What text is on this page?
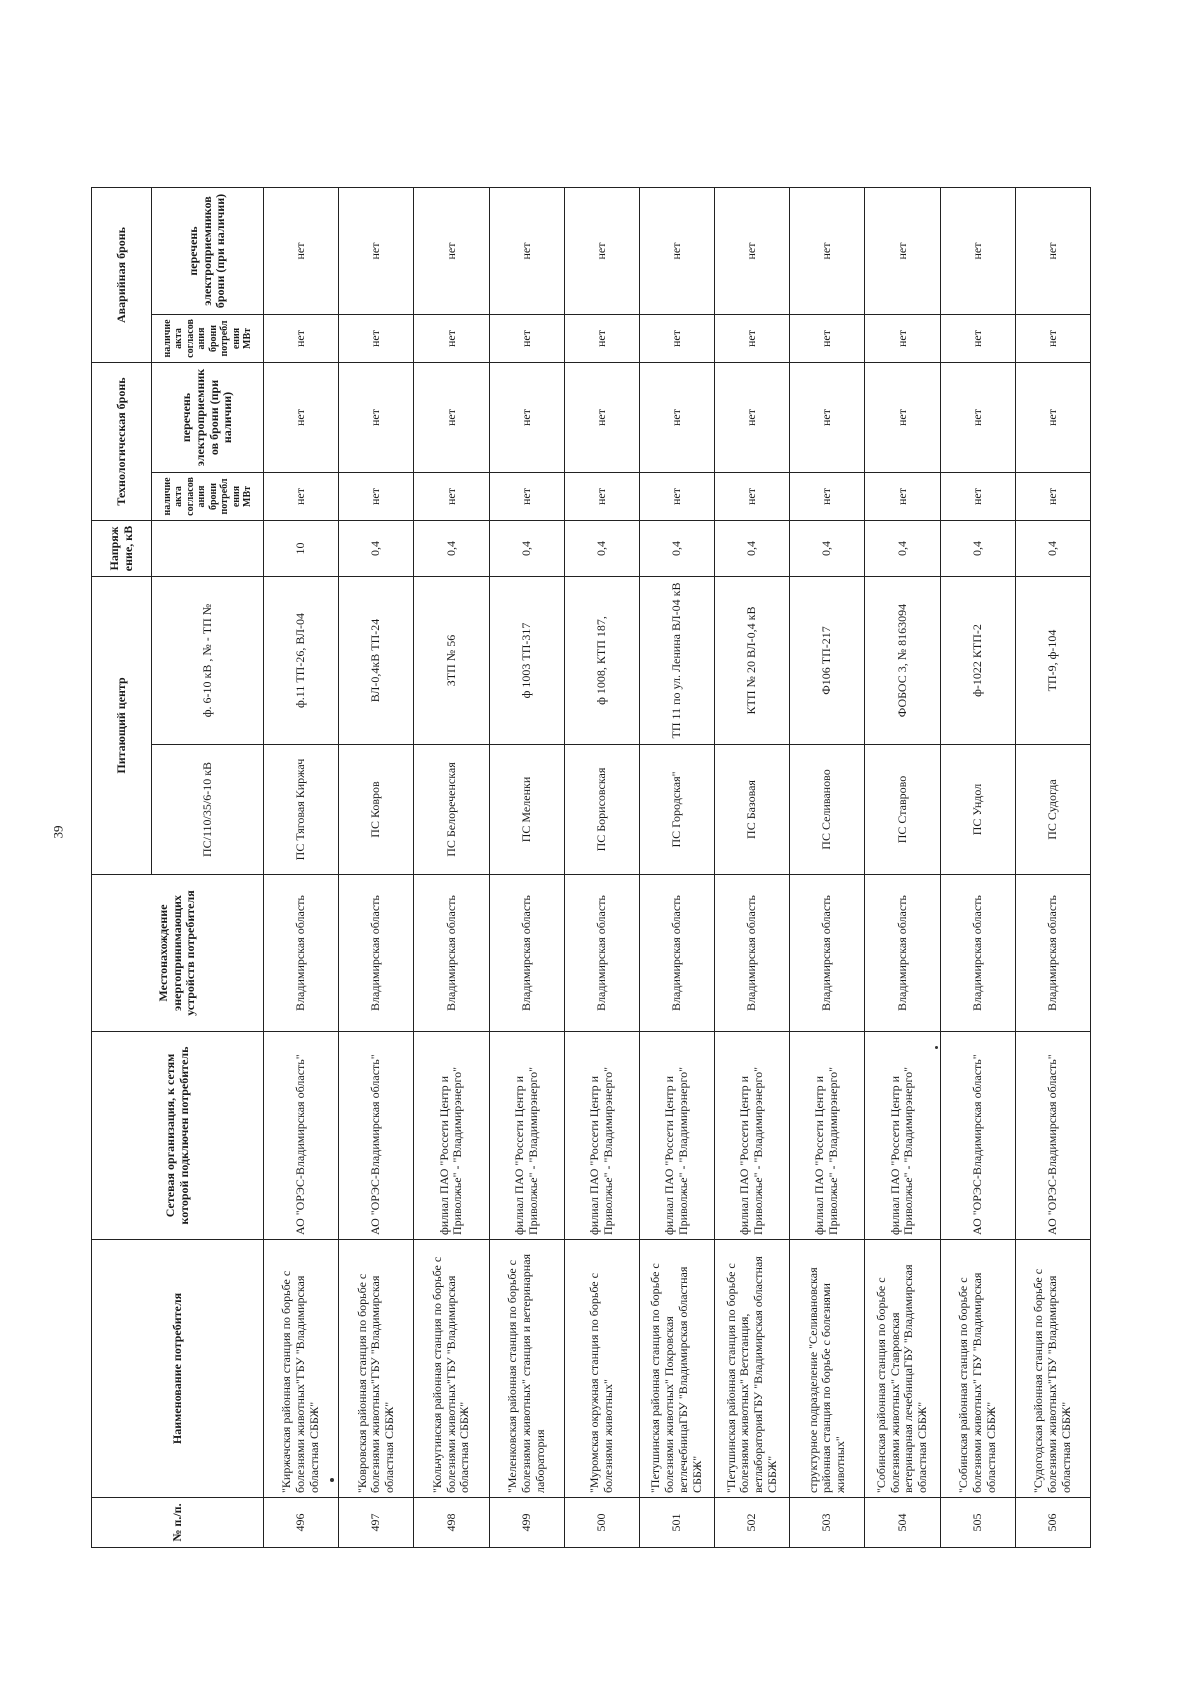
39
№ п./п.	Наименование потребителя	Сетевая организация, к сетям которой подключен потребитель	Местонахождение энергопринимающих устройств потребителя	Питающий центр		Напряжение, кВ	Технологическая бронь		Аварийная бронь	
				ПС/110/35/6-10 кВ	ф. 6-10 кВ , № - ТП №		наличие акта согласования брони потребления МВт	перечень электроприемников брони (при наличии)	наличие акта согласования брони потребления МВт	перечень электроприемников брони (при наличии)
496	"Киржачская районная станция по борьбе с болезнями животных"ГБУ "Владимирская областная СББЖ"	АО "ОРЭС-Владимирская область"	Владимирская область	ПС Тяговая Киржач	ф.11 ТП-26, ВЛ-04	10	нет	нет	нет	нет
497	"Ковровская районная станция по борьбе с болезнями животных"ГБУ "Владимирская областная СББЖ"	АО "ОРЭС-Владимирская область"	Владимирская область	ПС Ковров	ВЛ-0,4кВ ТП-24	0,4	нет	нет	нет	нет
498	"Кольчугинская районная станция по борьбе с болезнями животных"ГБУ "Владимирская областная СББЖ"	филиал ПАО "Россети Центр и Приволжье" - "Владимирэнерго"	Владимирская область	ПС Белореченская	ЗТП № 56	0,4	нет	нет	нет	нет
499	"Меленковская районная станция по борьбе с болезнями животных" станция и ветеринарная лаборатория	филиал ПАО "Россети Центр и Приволжье" - "Владимирэнерго"	Владимирская область	ПС Меленки	ф 1003 ТП-317	0,4	нет	нет	нет	нет
500	"Муромская окружная станция по борьбе с болезнями животных"	филиал ПАО "Россети Центр и Приволжье" - "Владимирэнерго"	Владимирская область	ПС Борисовская	ф 1008, КТП 187,	0,4	нет	нет	нет	нет
501	"Петушинская районная станция по борьбе с болезнями животных" Покровская ветлечебницаГБУ "Владимирская областная СББЖ"	филиал ПАО "Россети Центр и Приволжье" - "Владимирэнерго"	Владимирская область	ПС Городская"	ТП 11 по ул. Ленина ВЛ-04 кВ	0,4	нет	нет	нет	нет
502	"Петушинская районная станция по борьбе с болезнями животных" Ветстанция, ветлабораторияГБУ "Владимирская областная СББЖ"	филиал ПАО "Россети Центр и Приволжье" - "Владимирэнерго"	Владимирская область	ПС Базовая	КТП № 20 ВЛ-0,4 кВ	0,4	нет	нет	нет	нет
503	структурное подразделение "Селивановская районная станция по борьбе с болезнями животных"	филиал ПАО "Россети Центр и Приволжье" - "Владимирэнерго"	Владимирская область	ПС Селиваново	Ф106 ТП-217	0,4	нет	нет	нет	нет
504	"Собинская районная станция по борьбе с болезнями животных" Ставровская ветеринарная лечебницаГБУ "Владимирская областная СББЖ"	филиал ПАО "Россети Центр и Приволжье" - "Владимирэнерго"	Владимирская область	ПС Ставрово	ФОБОС 3, № 8163094	0,4	нет	нет	нет	нет
505	"Собинская районная станция по борьбе с болезнями животных" ГБУ "Владимирская областная СББЖ"	АО "ОРЭС-Владимирская область"	Владимирская область	ПС Ундол	ф-1022 КТП-2	0,4	нет	нет	нет	нет
506	"Судогодская районная станция по борьбе с болезнями животных"ГБУ "Владимирская областная СББЖ"	АО "ОРЭС-Владимирская область"	Владимирская область	ПС Судогда	ТП-9, ф-104	0,4	нет	нет	нет	нет
